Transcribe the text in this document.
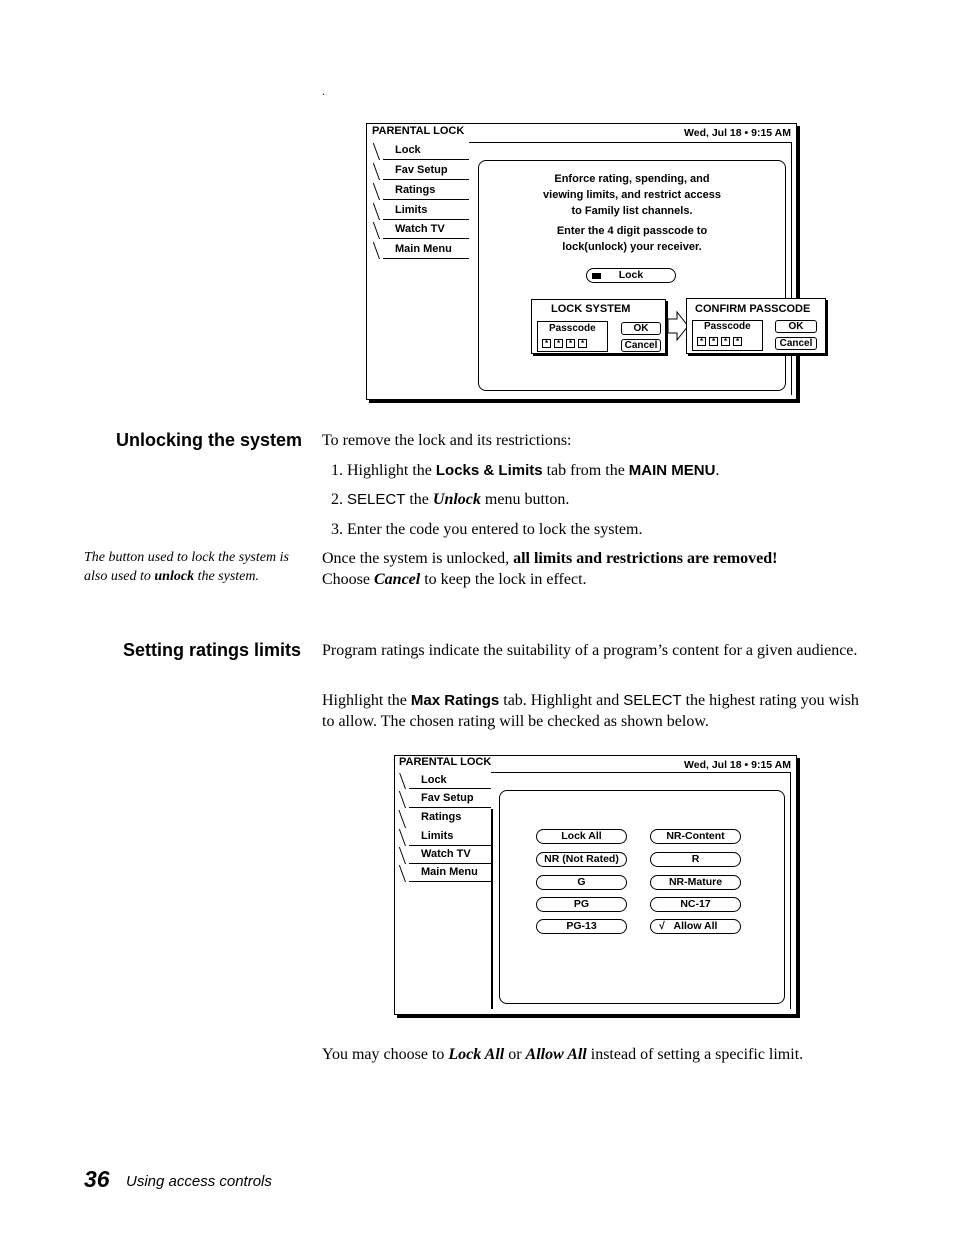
.
PARENTAL LOCK	Wed, Jul 18 • 9:15 AM
Lock
Fav Setup
Ratings
Limits
Watch TV
Main Menu
Enforce rating, spending, and viewing limits, and restrict access to Family list channels.
Enter the 4 digit passcode to lock(unlock) your receiver.
Lock
LOCK SYSTEM
Passcode
* * * *
OK
Cancel
CONFIRM PASSCODE
Passcode
* * * *
OK
Cancel
Unlocking the system To remove the lock and its restrictions:
1. Highlight the Locks & Limits tab from the MAIN MENU.
2. SELECT the Unlock menu button.
3. Enter the code you entered to lock the system.
The button used to lock the system is also used to unlock the system.
Once the system is unlocked, all limits and restrictions are removed!
Choose Cancel to keep the lock in effect.
Setting ratings limits Program ratings indicate the suitability of a program’s content for a given audience.
Highlight the Max Ratings tab. Highlight and SELECT the highest rating you wish to allow. The chosen rating will be checked as shown below.
PARENTAL LOCK	Wed, Jul 18 • 9:15 AM
Lock
Fav Setup
Ratings
Limits
Watch TV
Main Menu
Lock All
NR (Not Rated)
G
PG
PG-13
NR-Content
R
NR-Mature
NC-17
√ Allow All
You may choose to Lock All or Allow All instead of setting a specific limit.
36 Using access controls
